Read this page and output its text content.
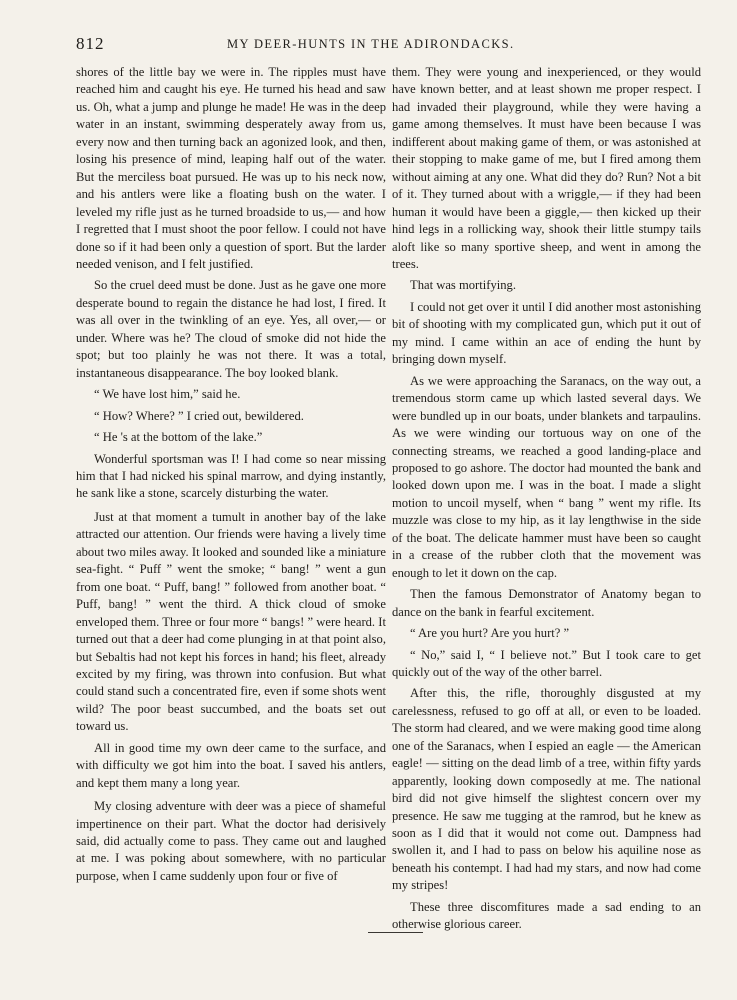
812	MY DEER-HUNTS IN THE ADIRONDACKS.

shores of the little bay we were in. The ripples must have reached him and caught his eye. He turned his head and saw us. Oh, what a jump and plunge he made! He was in the deep water in an instant, swimming desperately away from us, every now and then turning back an agonized look, and then, losing his presence of mind, leaping half out of the water. But the merciless boat pursued. He was up to his neck now, and his antlers were like a floating bush on the water. I leveled my rifle just as he turned broadside to us,— and how I regretted that I must shoot the poor fellow. I could not have done so if it had been only a question of sport. But the larder needed venison, and I felt justified.

So the cruel deed must be done. Just as he gave one more desperate bound to regain the distance he had lost, I fired. It was all over in the twinkling of an eye. Yes, all over,— or under. Where was he? The cloud of smoke did not hide the spot; but too plainly he was not there. It was a total, instantaneous disappearance. The boy looked blank.

“ We have lost him,” said he.

“ How? Where? ” I cried out, bewildered.

“ He 's at the bottom of the lake.”

Wonderful sportsman was I! I had come so near missing him that I had nicked his spinal marrow, and dying instantly, he sank like a stone, scarcely disturbing the water.

Just at that moment a tumult in another bay of the lake attracted our attention. Our friends were having a lively time about two miles away. It looked and sounded like a miniature sea-fight. “ Puff ” went the smoke; “ bang! ” went a gun from one boat. “ Puff, bang! ” followed from another boat. “ Puff, bang! ” went the third. A thick cloud of smoke enveloped them. Three or four more “ bangs! ” were heard. It turned out that a deer had come plunging in at that point also, but Sebaltis had not kept his forces in hand; his fleet, already excited by my firing, was thrown into confusion. But what could stand such a concentrated fire, even if some shots went wild? The poor beast succumbed, and the boats set out toward us.

All in good time my own deer came to the surface, and with difficulty we got him into the boat. I saved his antlers, and kept them many a long year.

My closing adventure with deer was a piece of shameful impertinence on their part. What the doctor had derisively said, did actually come to pass. They came out and laughed at me. I was poking about somewhere, with no particular purpose, when I came suddenly upon four or five of

them. They were young and inexperienced, or they would have known better, and at least shown me proper respect. I had invaded their playground, while they were having a game among themselves. It must have been because I was indifferent about making game of them, or was astonished at their stopping to make game of me, but I fired among them without aiming at any one. What did they do? Run? Not a bit of it. They turned about with a wriggle,— if they had been human it would have been a giggle,— then kicked up their hind legs in a rollicking way, shook their little stumpy tails aloft like so many sportive sheep, and went in among the trees.

That was mortifying.

I could not get over it until I did another most astonishing bit of shooting with my complicated gun, which put it out of my mind. I came within an ace of ending the hunt by bringing down myself.

As we were approaching the Saranacs, on the way out, a tremendous storm came up which lasted several days. We were bundled up in our boats, under blankets and tarpaulins. As we were winding our tortuous way on one of the connecting streams, we reached a good landing-place and proposed to go ashore. The doctor had mounted the bank and looked down upon me. I was in the boat. I made a slight motion to uncoil myself, when “ bang ” went my rifle. Its muzzle was close to my hip, as it lay lengthwise in the side of the boat. The delicate hammer must have been so caught in a crease of the rubber cloth that the movement was enough to let it down on the cap.

Then the famous Demonstrator of Anatomy began to dance on the bank in fearful excitement.

“ Are you hurt? Are you hurt? ”

“ No,” said I, “ I believe not.” But I took care to get quickly out of the way of the other barrel.

After this, the rifle, thoroughly disgusted at my carelessness, refused to go off at all, or even to be loaded. The storm had cleared, and we were making good time along one of the Saranacs, when I espied an eagle — the American eagle! — sitting on the dead limb of a tree, within fifty yards apparently, looking down composedly at me. The national bird did not give himself the slightest concern over my presence. He saw me tugging at the ramrod, but he knew as soon as I did that it would not come out. Dampness had swollen it, and I had to pass on below his aquiline nose as beneath his contempt. I had had my stars, and now had come my stripes!

These three discomfitures made a sad ending to an otherwise glorious career.
